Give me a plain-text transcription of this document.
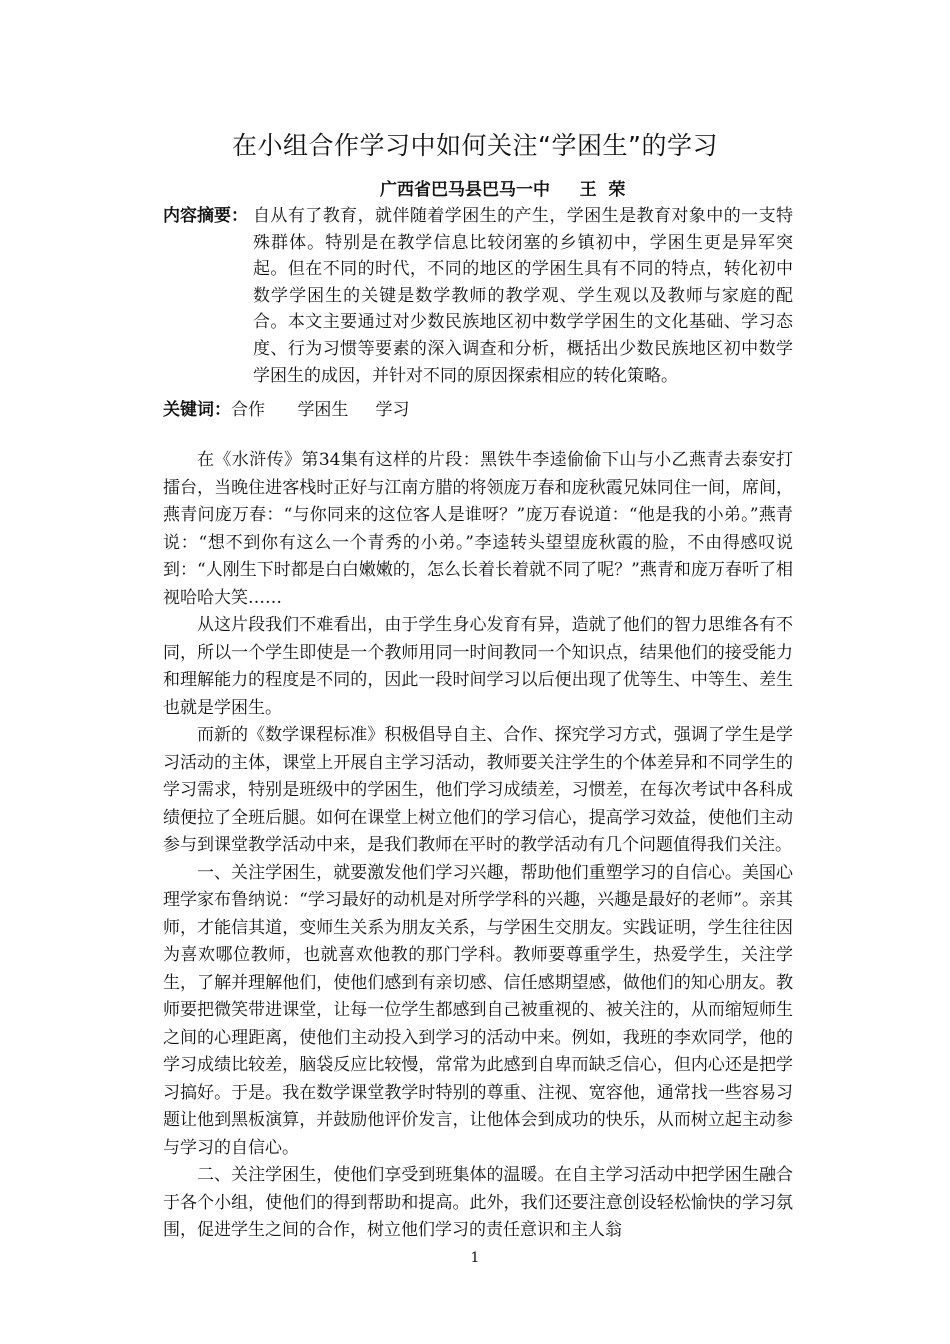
在小组合作学习中如何关注“学困生”的学习
广西省巴马县巴马一中     王  荣
内容摘要： 自从有了教育，就伴随着学困生的产生，学困生是教育对象中的一支特殊群体。特别是在教学信息比较闭塞的乡镇初中，学困生更是异军突起。但在不同的时代，不同的地区的学困生具有不同的特点，转化初中数学学困生的关键是数学教师的教学观、学生观以及教师与家庭的配合。本文主要通过对少数民族地区初中数学学困生的文化基础、学习态度、行为习惯等要素的深入调查和分析，概括出少数民族地区初中数学学困生的成因，并针对不同的原因探索相应的转化策略。
关键词：合作 学困生 学习

在《水浒传》第34集有这样的片段：黑铁牛李逵偷偷下山与小乙燕青去泰安打擂台，当晚住进客栈时正好与江南方腊的将领庞万春和庞秋霞兄妹同住一间，席间，燕青问庞万春：“与你同来的这位客人是谁呀？”庞万春说道：“他是我的小弟。”燕青说：“想不到你有这么一个青秀的小弟。”李逵转头望望庞秋霞的脸，不由得感叹说到：“人刚生下时都是白白嫩嫩的，怎么长着长着就不同了呢？”燕青和庞万春听了相视哈哈大笑……

从这片段我们不难看出，由于学生身心发育有异，造就了他们的智力思维各有不同，所以一个学生即使是一个教师用同一时间教同一个知识点，结果他们的接受能力和理解能力的程度是不同的，因此一段时间学习以后便出现了优等生、中等生、差生也就是学困生。

而新的《数学课程标准》积极倡导自主、合作、探究学习方式，强调了学生是学习活动的主体，课堂上开展自主学习活动，教师要关注学生的个体差异和不同学生的学习需求，特别是班级中的学困生，他们学习成绩差，习惯差，在每次考试中各科成绩便拉了全班后腿。如何在课堂上树立他们的学习信心，提高学习效益，使他们主动参与到课堂教学活动中来，是我们教师在平时的教学活动有几个问题值得我们关注。

一、关注学困生，就要激发他们学习兴趣，帮助他们重塑学习的自信心。美国心理学家布鲁纳说：“学习最好的动机是对所学学科的兴趣，兴趣是最好的老师”。亲其师，才能信其道，变师生关系为朋友关系，与学困生交朋友。实践证明，学生往往因为喜欢哪位教师，也就喜欢他教的那门学科。教师要尊重学生，热爱学生，关注学生，了解并理解他们，使他们感到有亲切感、信任感期望感，做他们的知心朋友。教师要把微笑带进课堂，让每一位学生都感到自己被重视的、被关注的，从而缩短师生之间的心理距离，使他们主动投入到学习的活动中来。例如，我班的李欢同学，他的学习成绩比较差，脑袋反应比较慢，常常为此感到自卑而缺乏信心，但内心还是把学习搞好。于是。我在数学课堂教学时特别的尊重、注视、宽容他，通常找一些容易习题让他到黑板演算，并鼓励他评价发言，让他体会到成功的快乐，从而树立起主动参与学习的自信心。

二、关注学困生，使他们享受到班集体的温暖。在自主学习活动中把学困生融合于各个小组，使他们的得到帮助和提高。此外，我们还要注意创设轻松愉快的学习氛围，促进学生之间的合作，树立他们学习的责任意识和主人翁

1
